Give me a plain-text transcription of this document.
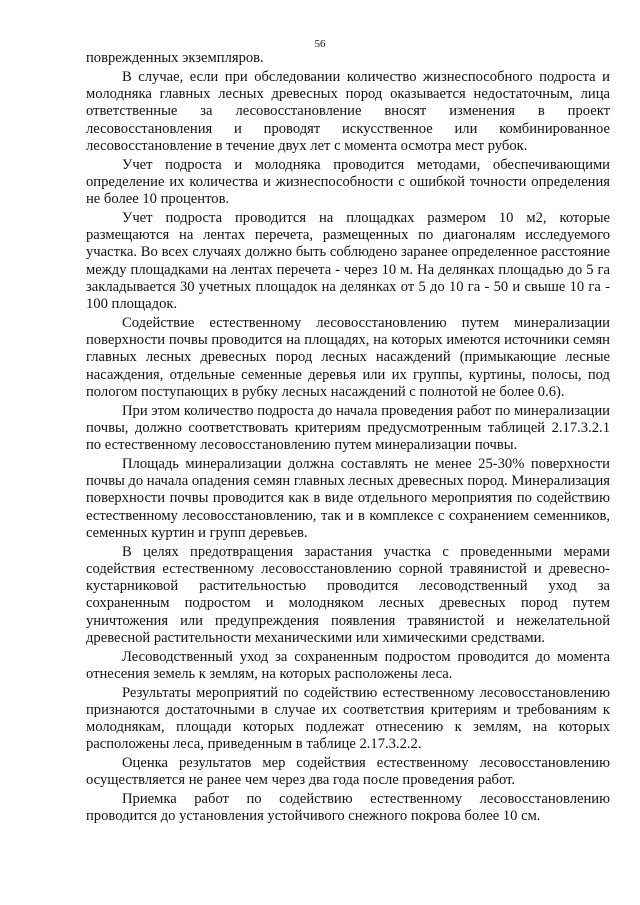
56

поврежденных экземпляров.

В случае, если при обследовании количество жизнеспособного подроста и молодняка главных лесных древесных пород оказывается недостаточным, лица ответственные за лесовосстановление вносят изменения в проект лесовосстановления и проводят искусственное или комбинированное лесовосстановление в течение двух лет с момента осмотра мест рубок.

Учет подроста и молодняка проводится методами, обеспечивающими определение их количества и жизнеспособности с ошибкой точности определения не более 10 процентов.

Учет подроста проводится на площадках размером 10 м2, которые размещаются на лентах перечета, размещенных по диагоналям исследуемого участка. Во всех случаях должно быть соблюдено заранее определенное расстояние между площадками на лентах перечета - через 10 м. На делянках площадью до 5 га закладывается 30 учетных площадок на делянках от 5 до 10 га - 50 и свыше 10 га - 100 площадок.

Содействие естественному лесовосстановлению путем минерализации поверхности почвы проводится на площадях, на которых имеются источники семян главных лесных древесных пород лесных насаждений (примыкающие лесные насаждения, отдельные семенные деревья или их группы, куртины, полосы, под пологом поступающих в рубку лесных насаждений с полнотой не более 0.6).

При этом количество подроста до начала проведения работ по минерализации почвы, должно соответствовать критериям предусмотренным таблицей 2.17.3.2.1 по естественному лесовосстановлению путем минерализации почвы.

Площадь минерализации должна составлять не менее 25-30% поверхности почвы до начала опадения семян главных лесных древесных пород. Минерализация поверхности почвы проводится как в виде отдельного мероприятия по содействию естественному лесовосстановлению, так и в комплексе с сохранением семенников, семенных куртин и групп деревьев.

В целях предотвращения зарастания участка с проведенными мерами содействия естественному лесовосстановлению сорной травянистой и древесно-кустарниковой растительностью проводится лесоводственный уход за сохраненным подростом и молодняком лесных древесных пород путем уничтожения или предупреждения появления травянистой и нежелательной древесной растительности механическими или химическими средствами.

Лесоводственный уход за сохраненным подростом проводится до момента отнесения земель к землям, на которых расположены леса.

Результаты мероприятий по содействию естественному лесовосстановлению признаются достаточными в случае их соответствия критериям и требованиям к молоднякам, площади которых подлежат отнесению к землям, на которых расположены леса, приведенным в таблице 2.17.3.2.2.

Оценка результатов мер содействия естественному лесовосстановлению осуществляется не ранее чем через два года после проведения работ.

Приемка работ по содействию естественному лесовосстановлению проводится до установления устойчивого снежного покрова более 10 см.
